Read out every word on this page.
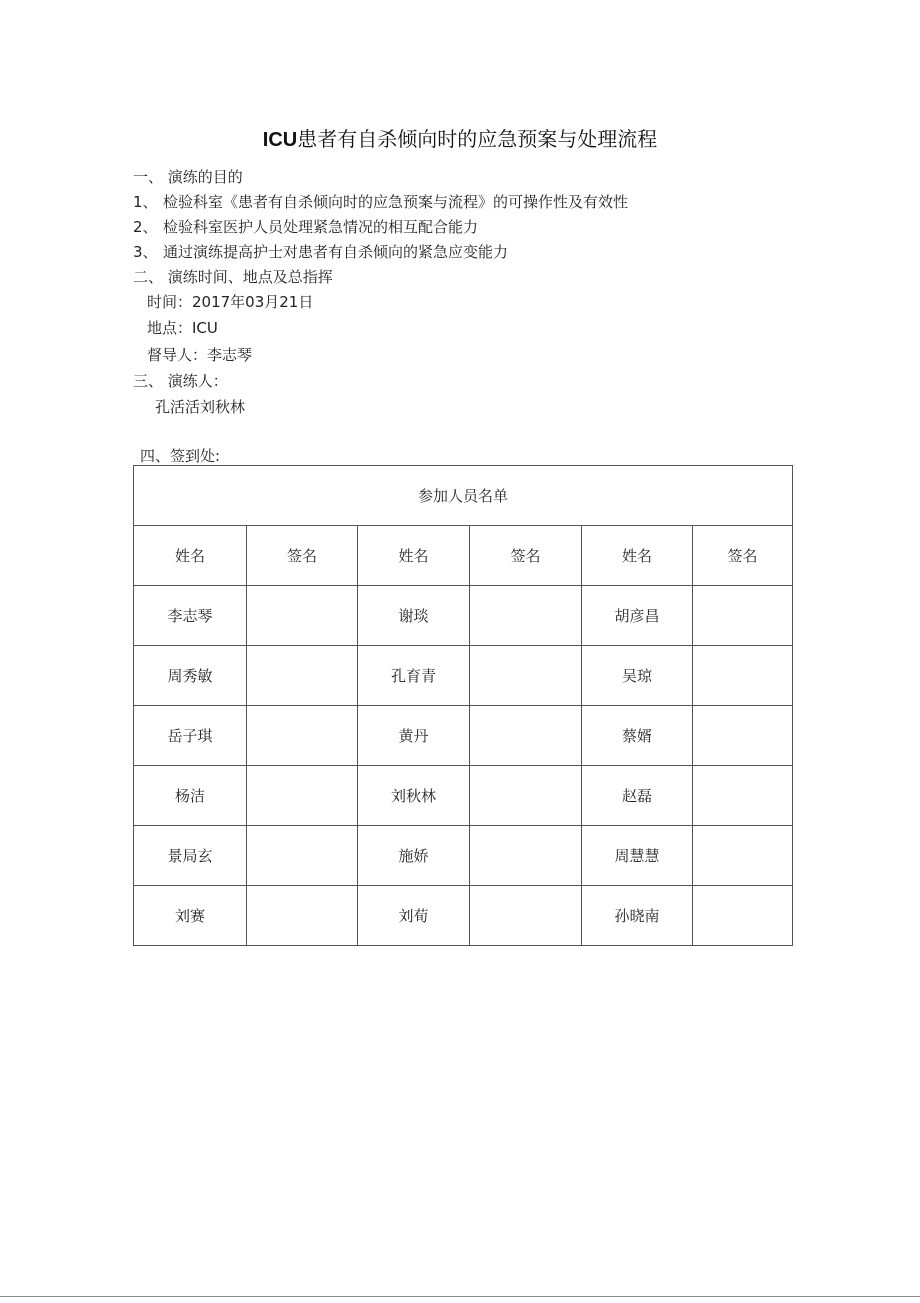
ICU患者有自杀倾向时的应急预案与处理流程
一、 演练的目的
1、 检验科室《患者有自杀倾向时的应急预案与流程》的可操作性及有效性
2、 检验科室医护人员处理紧急情况的相互配合能力
3、 通过演练提高护士对患者有自杀倾向的紧急应变能力
二、 演练时间、地点及总指挥
时间：2017年03月21日
地点：ICU
督导人：李志琴
三、 演练人：
孔活活刘秋林
四、签到处:
参加人员名单					
姓名	签名	姓名	签名	姓名	签名
李志琴		谢琰		胡彦昌	
周秀敏		孔育青		吴琼	
岳子琪		黄丹		蔡婿	
杨洁		刘秋林		赵磊	
景局玄		施娇		周慧慧	
刘赛		刘荀		孙晓南	
